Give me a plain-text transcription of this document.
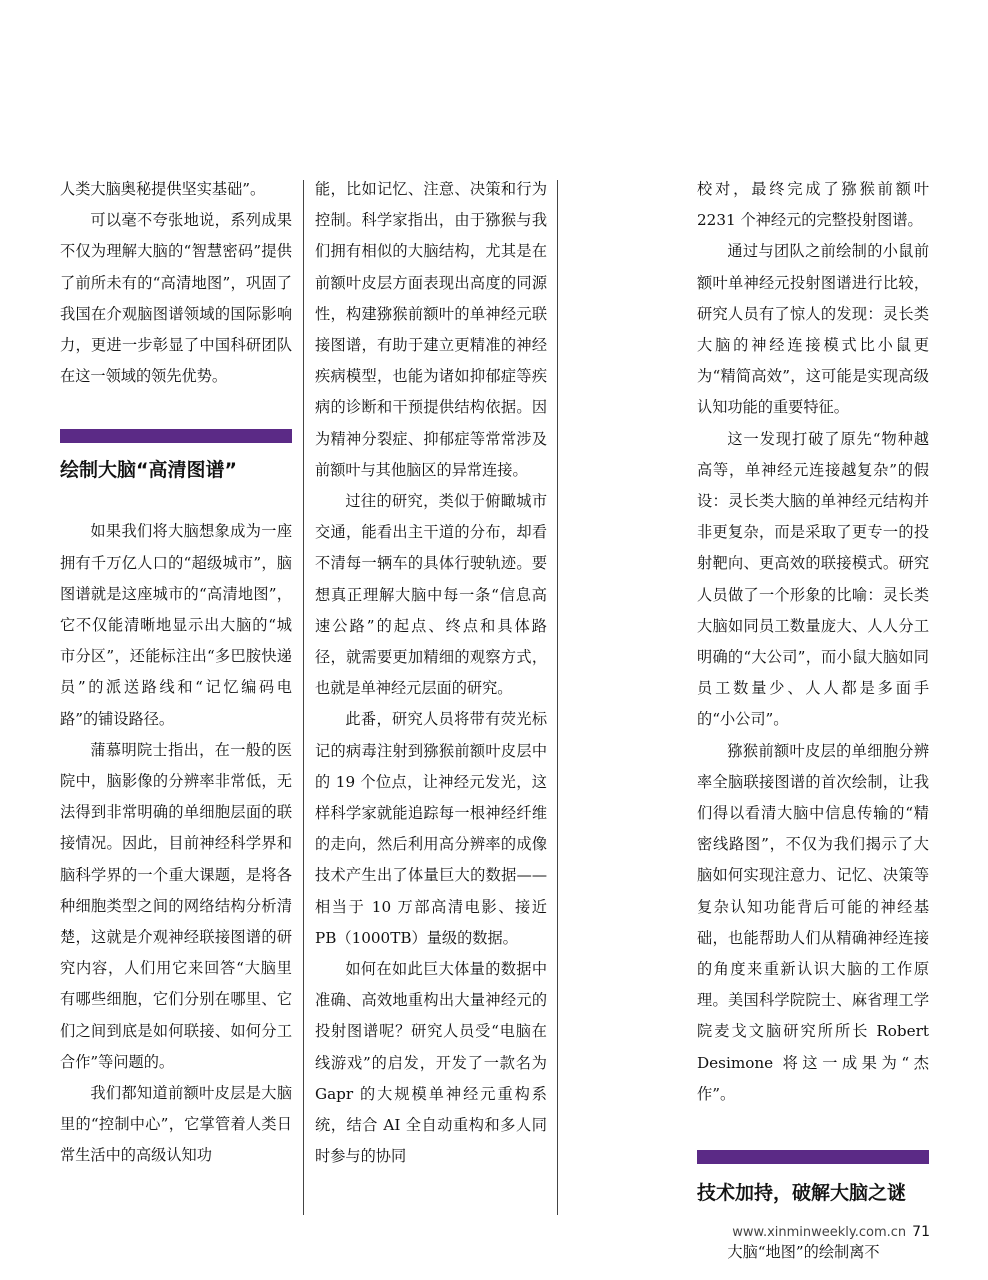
人类大脑奥秘提供坚实基础”。

可以毫不夸张地说，系列成果不仅为理解大脑的“智慧密码”提供了前所未有的“高清地图”，巩固了我国在介观脑图谱领域的国际影响力，更进一步彰显了中国科研团队在这一领域的领先优势。

绘制大脑“高清图谱”

如果我们将大脑想象成为一座拥有千万亿人口的“超级城市”，脑图谱就是这座城市的“高清地图”，它不仅能清晰地显示出大脑的“城市分区”，还能标注出“多巴胺快递员”的派送路线和“记忆编码电路”的铺设路径。

蒲慕明院士指出，在一般的医院中，脑影像的分辨率非常低，无法得到非常明确的单细胞层面的联接情况。因此，目前神经科学界和脑科学界的一个重大课题，是将各种细胞类型之间的网络结构分析清楚，这就是介观神经联接图谱的研究内容，人们用它来回答“大脑里有哪些细胞，它们分别在哪里、它们之间到底是如何联接、如何分工合作”等问题的。

我们都知道前额叶皮层是大脑里的“控制中心”，它掌管着人类日常生活中的高级认知功

能，比如记忆、注意、决策和行为控制。科学家指出，由于猕猴与我们拥有相似的大脑结构，尤其是在前额叶皮层方面表现出高度的同源性，构建猕猴前额叶的单神经元联接图谱，有助于建立更精准的神经疾病模型，也能为诸如抑郁症等疾病的诊断和干预提供结构依据。因为精神分裂症、抑郁症等常常涉及前额叶与其他脑区的异常连接。

过往的研究，类似于俯瞰城市交通，能看出主干道的分布，却看不清每一辆车的具体行驶轨迹。要想真正理解大脑中每一条“信息高速公路”的起点、终点和具体路径，就需要更加精细的观察方式，也就是单神经元层面的研究。

此番，研究人员将带有荧光标记的病毒注射到猕猴前额叶皮层中的 19 个位点，让神经元发光，这样科学家就能追踪每一根神经纤维的走向，然后利用高分辨率的成像技术产生出了体量巨大的数据——相当于 10 万部高清电影、接近 PB（1000TB）量级的数据。

如何在如此巨大体量的数据中准确、高效地重构出大量神经元的投射图谱呢？研究人员受“电脑在线游戏”的启发，开发了一款名为 Gapr 的大规模单神经元重构系统，结合 AI 全自动重构和多人同时参与的协同

校对，最终完成了猕猴前额叶 2231 个神经元的完整投射图谱。

通过与团队之前绘制的小鼠前额叶单神经元投射图谱进行比较，研究人员有了惊人的发现：灵长类大脑的神经连接模式比小鼠更为“精简高效”，这可能是实现高级认知功能的重要特征。

这一发现打破了原先“物种越高等，单神经元连接越复杂”的假设：灵长类大脑的单神经元结构并非更复杂，而是采取了更专一的投射靶向、更高效的联接模式。研究人员做了一个形象的比喻：灵长类大脑如同员工数量庞大、人人分工明确的“大公司”，而小鼠大脑如同员工数量少、人人都是多面手的“小公司”。

猕猴前额叶皮层的单细胞分辨率全脑联接图谱的首次绘制，让我们得以看清大脑中信息传输的“精密线路图”，不仅为我们揭示了大脑如何实现注意力、记忆、决策等复杂认知功能背后可能的神经基础，也能帮助人们从精确神经连接的角度来重新认识大脑的工作原理。美国科学院院士、麻省理工学院麦戈文脑研究所所长 Robert Desimone 将这一成果为“杰作”。

技术加持，破解大脑之谜

大脑“地图”的绘制离不

www.xinminweekly.com.cn 71
